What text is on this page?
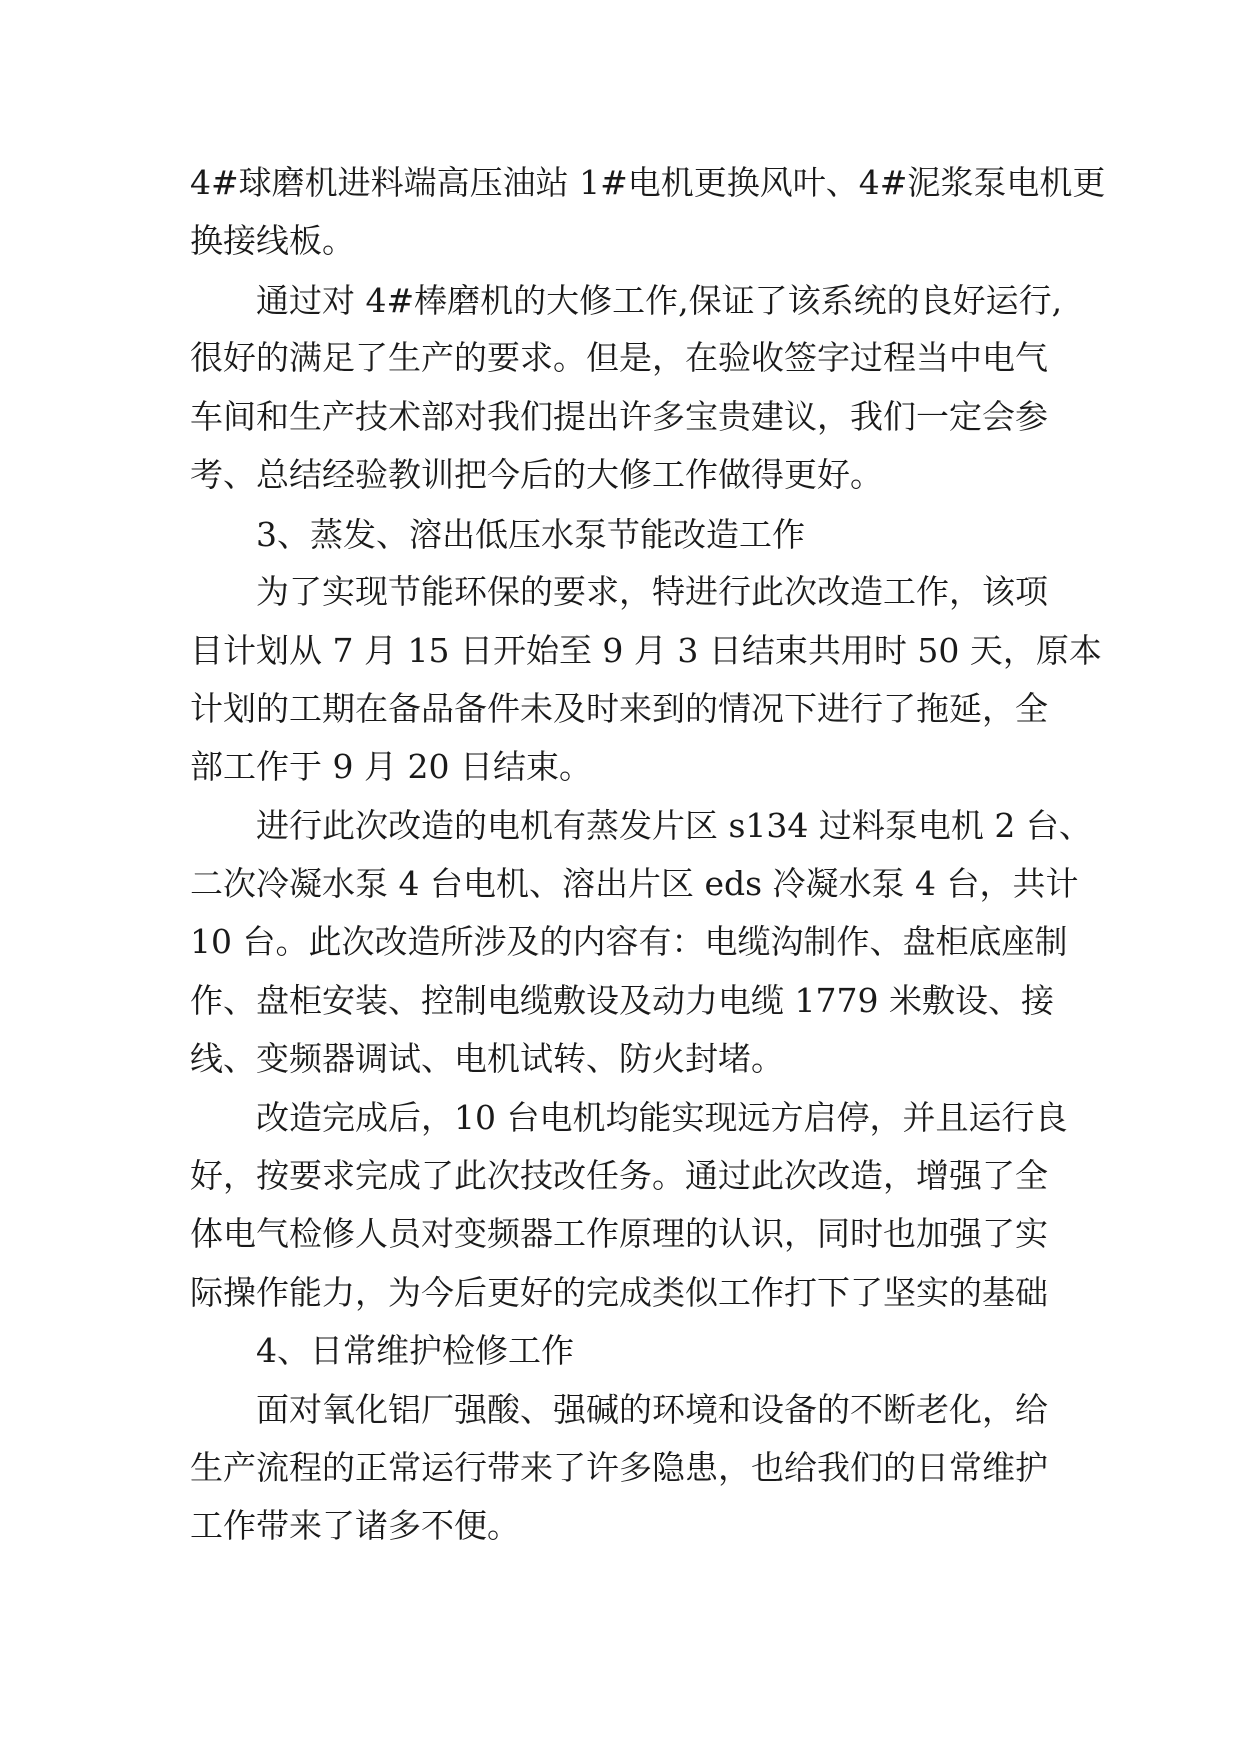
4#球磨机进料端高压油站 1#电机更换风叶、4#泥浆泵电机更
换接线板。
通过对 4#棒磨机的大修工作,保证了该系统的良好运行,
很好的满足了生产的要求。但是，在验收签字过程当中电气
车间和生产技术部对我们提出许多宝贵建议，我们一定会参
考、总结经验教训把今后的大修工作做得更好。
3、蒸发、溶出低压水泵节能改造工作
为了实现节能环保的要求，特进行此次改造工作，该项
目计划从 7 月 15 日开始至 9 月 3 日结束共用时 50 天，原本
计划的工期在备品备件未及时来到的情况下进行了拖延，全
部工作于 9 月 20 日结束。
进行此次改造的电机有蒸发片区 s134 过料泵电机 2 台、
二次冷凝水泵 4 台电机、溶出片区 eds 冷凝水泵 4 台，共计
10 台。此次改造所涉及的内容有：电缆沟制作、盘柜底座制
作、盘柜安装、控制电缆敷设及动力电缆 1779 米敷设、接
线、变频器调试、电机试转、防火封堵。
改造完成后，10 台电机均能实现远方启停，并且运行良
好，按要求完成了此次技改任务。通过此次改造，增强了全
体电气检修人员对变频器工作原理的认识，同时也加强了实
际操作能力，为今后更好的完成类似工作打下了坚实的基础
4、日常维护检修工作
面对氧化铝厂强酸、强碱的环境和设备的不断老化，给
生产流程的正常运行带来了许多隐患，也给我们的日常维护
工作带来了诸多不便。
